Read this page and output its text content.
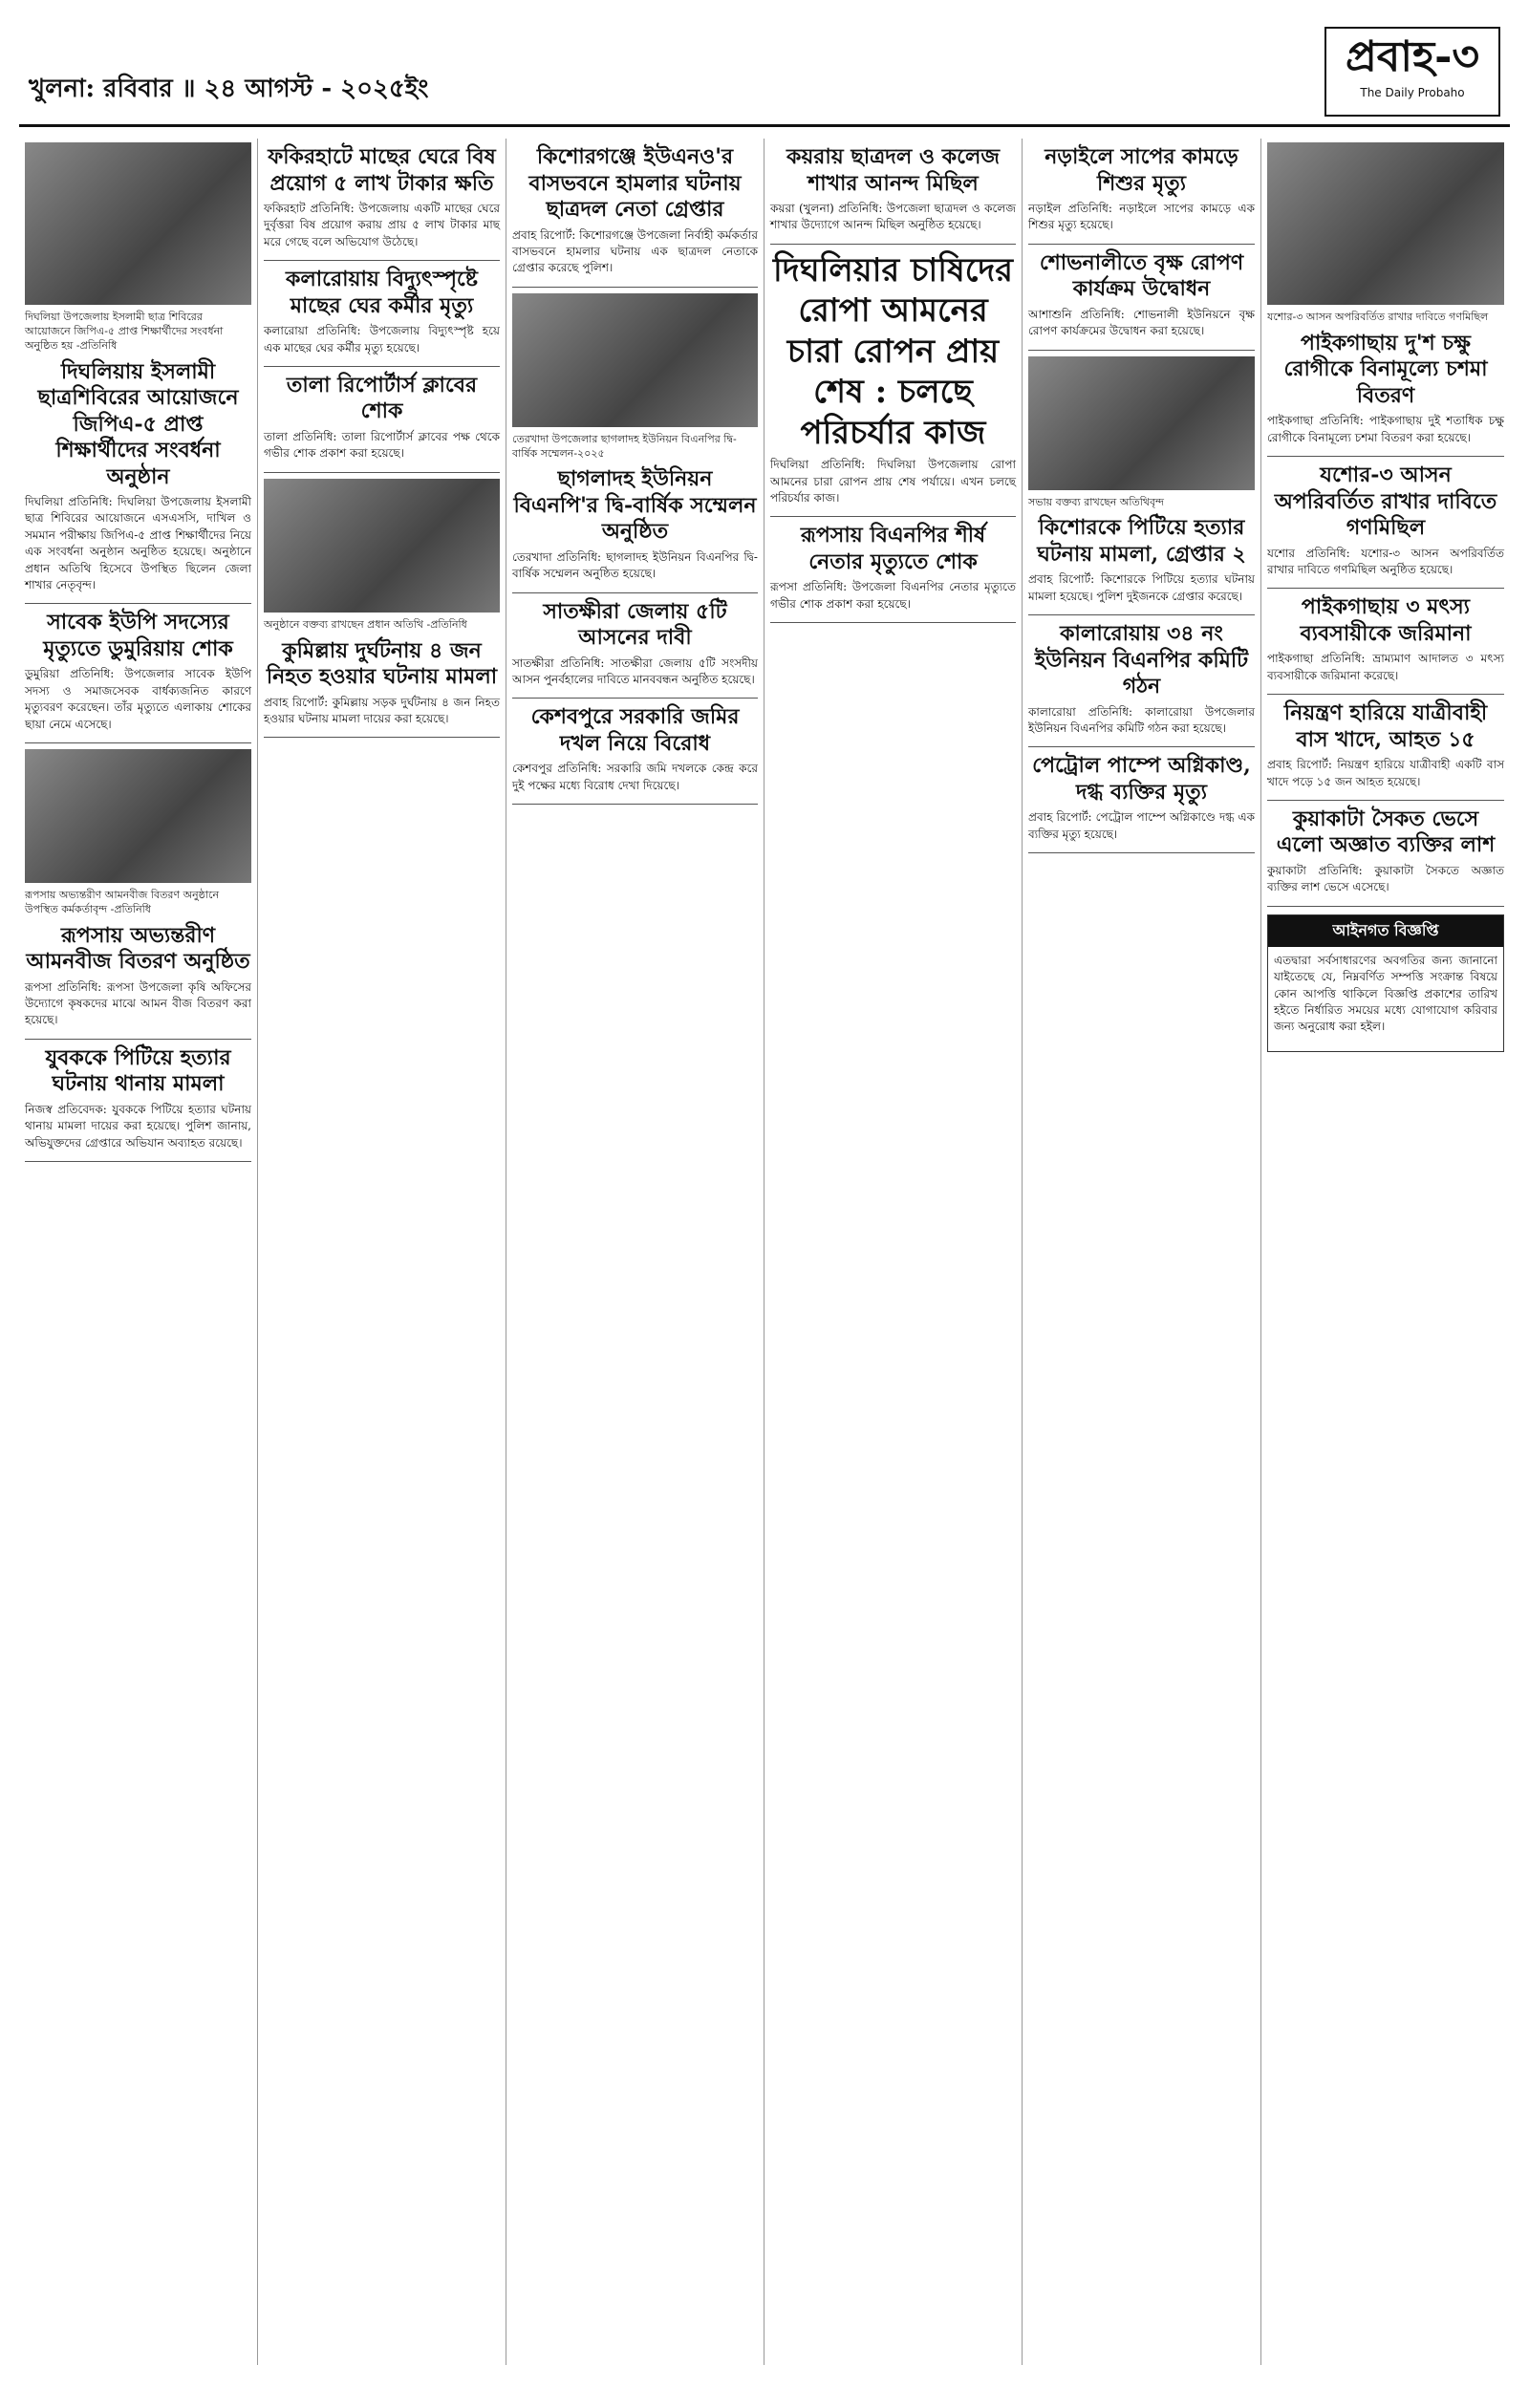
খুলনা: রবিবার ॥ ২৪ আগস্ট - ২০২৫ইং
প্রবাহ-৩
The Daily Probaho
দিঘলিয়া উপজেলায় ইসলামী ছাত্র শিবিরের আয়োজনে জিপিএ-৫ প্রাপ্ত শিক্ষার্থীদের সংবর্ধনা অনুষ্ঠিত হয় -প্রতিনিধি
দিঘলিয়ায় ইসলামী ছাত্রশিবিরের আয়োজনে জিপিএ-৫ প্রাপ্ত শিক্ষার্থীদের সংবর্ধনা অনুষ্ঠান

দিঘলিয়া প্রতিনিধি: দিঘলিয়া উপজেলায় ইসলামী ছাত্র শিবিরের আয়োজনে এসএসসি, দাখিল ও সমমান পরীক্ষায় জিপিএ-৫ প্রাপ্ত শিক্ষার্থীদের নিয়ে এক সংবর্ধনা অনুষ্ঠান অনুষ্ঠিত হয়েছে। অনুষ্ঠানে প্রধান অতিথি হিসেবে উপস্থিত ছিলেন জেলা শাখার নেতৃবৃন্দ।

সাবেক ইউপি সদস্যের মৃত্যুতে ডুমুরিয়ায় শোক

ডুমুরিয়া প্রতিনিধি: উপজেলার সাবেক ইউপি সদস্য ও সমাজসেবক বার্ধক্যজনিত কারণে মৃত্যুবরণ করেছেন। তাঁর মৃত্যুতে এলাকায় শোকের ছায়া নেমে এসেছে।

রূপসায় অভ্যন্তরীণ আমনবীজ বিতরণ অনুষ্ঠানে উপস্থিত কর্মকর্তাবৃন্দ -প্রতিনিধি
রূপসায় অভ্যন্তরীণ আমনবীজ বিতরণ অনুষ্ঠিত

রূপসা প্রতিনিধি: রূপসা উপজেলা কৃষি অফিসের উদ্যোগে কৃষকদের মাঝে আমন বীজ বিতরণ করা হয়েছে।

যুবককে পিটিয়ে হত্যার ঘটনায় থানায় মামলা

নিজস্ব প্রতিবেদক: যুবককে পিটিয়ে হত্যার ঘটনায় থানায় মামলা দায়ের করা হয়েছে। পুলিশ জানায়, অভিযুক্তদের গ্রেপ্তারে অভিযান অব্যাহত রয়েছে।

ফকিরহাটে মাছের ঘেরে বিষ প্রয়োগ ৫ লাখ টাকার ক্ষতি

ফকিরহাট প্রতিনিধি: উপজেলায় একটি মাছের ঘেরে দুর্বৃত্তরা বিষ প্রয়োগ করায় প্রায় ৫ লাখ টাকার মাছ মরে গেছে বলে অভিযোগ উঠেছে।

কলারোয়ায় বিদ্যুৎস্পৃষ্টে মাছের ঘের কর্মীর মৃত্যু

কলারোয়া প্রতিনিধি: উপজেলায় বিদ্যুৎস্পৃষ্ট হয়ে এক মাছের ঘের কর্মীর মৃত্যু হয়েছে।

তালা রিপোর্টার্স ক্লাবের শোক

তালা প্রতিনিধি: তালা রিপোর্টার্স ক্লাবের পক্ষ থেকে গভীর শোক প্রকাশ করা হয়েছে।

অনুষ্ঠানে বক্তব্য রাখছেন প্রধান অতিথি -প্রতিনিধি
কুমিল্লায় দুর্ঘটনায় ৪ জন নিহত হওয়ার ঘটনায় মামলা

প্রবাহ রিপোর্ট: কুমিল্লায় সড়ক দুর্ঘটনায় ৪ জন নিহত হওয়ার ঘটনায় মামলা দায়ের করা হয়েছে।

কিশোরগঞ্জে ইউএনও'র বাসভবনে হামলার ঘটনায় ছাত্রদল নেতা গ্রেপ্তার

প্রবাহ রিপোর্ট: কিশোরগঞ্জে উপজেলা নির্বাহী কর্মকর্তার বাসভবনে হামলার ঘটনায় এক ছাত্রদল নেতাকে গ্রেপ্তার করেছে পুলিশ।

তেরখাদা উপজেলার ছাগলাদহ ইউনিয়ন বিএনপির দ্বি-বার্ষিক সম্মেলন-২০২৫
ছাগলাদহ ইউনিয়ন বিএনপি'র দ্বি-বার্ষিক সম্মেলন অনুষ্ঠিত

তেরখাদা প্রতিনিধি: ছাগলাদহ ইউনিয়ন বিএনপির দ্বি-বার্ষিক সম্মেলন অনুষ্ঠিত হয়েছে।

সাতক্ষীরা জেলায় ৫টি আসনের দাবী

সাতক্ষীরা প্রতিনিধি: সাতক্ষীরা জেলায় ৫টি সংসদীয় আসন পুনর্বহালের দাবিতে মানববন্ধন অনুষ্ঠিত হয়েছে।

কেশবপুরে সরকারি জমির দখল নিয়ে বিরোধ

কেশবপুর প্রতিনিধি: সরকারি জমি দখলকে কেন্দ্র করে দুই পক্ষের মধ্যে বিরোধ দেখা দিয়েছে।

কয়রায় ছাত্রদল ও কলেজ শাখার আনন্দ মিছিল

কয়রা (খুলনা) প্রতিনিধি: উপজেলা ছাত্রদল ও কলেজ শাখার উদ্যোগে আনন্দ মিছিল অনুষ্ঠিত হয়েছে।

দিঘলিয়ার চাষিদের রোপা আমনের চারা রোপন প্রায় শেষ : চলছে পরিচর্যার কাজ

দিঘলিয়া প্রতিনিধি: দিঘলিয়া উপজেলায় রোপা আমনের চারা রোপন প্রায় শেষ পর্যায়ে। এখন চলছে পরিচর্যার কাজ।

রূপসায় বিএনপির শীর্ষ নেতার মৃত্যুতে শোক

রূপসা প্রতিনিধি: উপজেলা বিএনপির নেতার মৃত্যুতে গভীর শোক প্রকাশ করা হয়েছে।

নড়াইলে সাপের কামড়ে শিশুর মৃত্যু

নড়াইল প্রতিনিধি: নড়াইলে সাপের কামড়ে এক শিশুর মৃত্যু হয়েছে।

শোভনালীতে বৃক্ষ রোপণ কার্যক্রম উদ্বোধন

আশাশুনি প্রতিনিধি: শোভনালী ইউনিয়নে বৃক্ষ রোপণ কার্যক্রমের উদ্বোধন করা হয়েছে।

সভায় বক্তব্য রাখছেন অতিথিবৃন্দ
কিশোরকে পিটিয়ে হত্যার ঘটনায় মামলা, গ্রেপ্তার ২

প্রবাহ রিপোর্ট: কিশোরকে পিটিয়ে হত্যার ঘটনায় মামলা হয়েছে। পুলিশ দুইজনকে গ্রেপ্তার করেছে।

কালারোয়ায় ৩৪ নং ইউনিয়ন বিএনপির কমিটি গঠন

কালারোয়া প্রতিনিধি: কালারোয়া উপজেলার ইউনিয়ন বিএনপির কমিটি গঠন করা হয়েছে।

পেট্রোল পাম্পে অগ্নিকাণ্ড, দগ্ধ ব্যক্তির মৃত্যু

প্রবাহ রিপোর্ট: পেট্রোল পাম্পে অগ্নিকাণ্ডে দগ্ধ এক ব্যক্তির মৃত্যু হয়েছে।

যশোর-৩ আসন অপরিবর্তিত রাখার দাবিতে গণমিছিল
পাইকগাছায় দু'শ চক্ষু রোগীকে বিনামূল্যে চশমা বিতরণ

পাইকগাছা প্রতিনিধি: পাইকগাছায় দুই শতাধিক চক্ষু রোগীকে বিনামূল্যে চশমা বিতরণ করা হয়েছে।

যশোর-৩ আসন অপরিবর্তিত রাখার দাবিতে গণমিছিল

যশোর প্রতিনিধি: যশোর-৩ আসন অপরিবর্তিত রাখার দাবিতে গণমিছিল অনুষ্ঠিত হয়েছে।

পাইকগাছায় ৩ মৎস্য ব্যবসায়ীকে জরিমানা

পাইকগাছা প্রতিনিধি: ভ্রাম্যমাণ আদালত ৩ মৎস্য ব্যবসায়ীকে জরিমানা করেছে।

নিয়ন্ত্রণ হারিয়ে যাত্রীবাহী বাস খাদে, আহত ১৫

প্রবাহ রিপোর্ট: নিয়ন্ত্রণ হারিয়ে যাত্রীবাহী একটি বাস খাদে পড়ে ১৫ জন আহত হয়েছে।

কুয়াকাটা সৈকত ভেসে এলো অজ্ঞাত ব্যক্তির লাশ

কুয়াকাটা প্রতিনিধি: কুয়াকাটা সৈকতে অজ্ঞাত ব্যক্তির লাশ ভেসে এসেছে।

আইনগত বিজ্ঞপ্তি

এতদ্বারা সর্বসাধারণের অবগতির জন্য জানানো যাইতেছে যে, নিম্নবর্ণিত সম্পত্তি সংক্রান্ত বিষয়ে কোন আপত্তি থাকিলে বিজ্ঞপ্তি প্রকাশের তারিখ হইতে নির্ধারিত সময়ের মধ্যে যোগাযোগ করিবার জন্য অনুরোধ করা হইল।
